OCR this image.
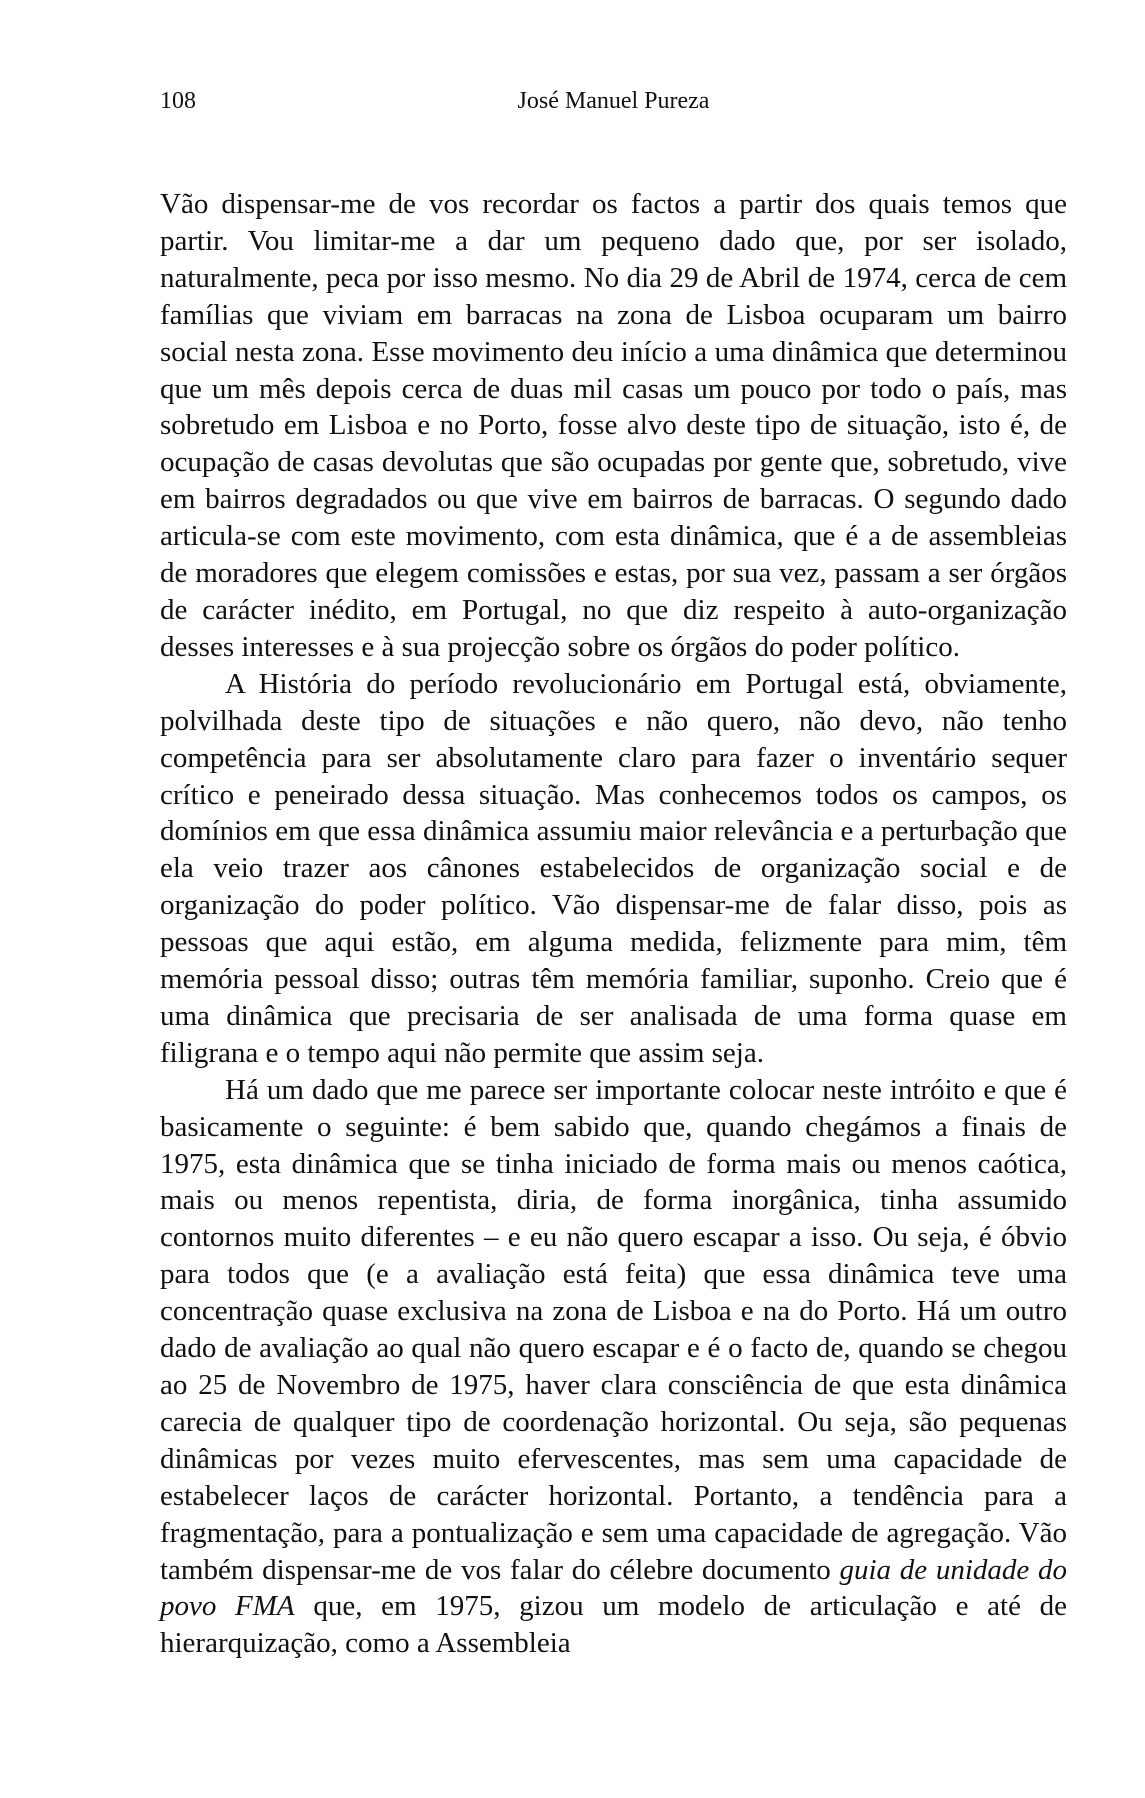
108	José Manuel Pureza

Vão dispensar-me de vos recordar os factos a partir dos quais temos que partir. Vou limitar-me a dar um pequeno dado que, por ser isolado, naturalmente, peca por isso mesmo. No dia 29 de Abril de 1974, cerca de cem famílias que viviam em barracas na zona de Lisboa ocuparam um bairro social nesta zona. Esse movimento deu início a uma dinâmica que determinou que um mês depois cerca de duas mil casas um pouco por todo o país, mas sobretudo em Lisboa e no Porto, fosse alvo deste tipo de situação, isto é, de ocupação de casas devolutas que são ocupadas por gente que, sobretudo, vive em bairros degradados ou que vive em bairros de barracas. O segundo dado articula-se com este movimento, com esta dinâmica, que é a de assembleias de moradores que elegem comissões e estas, por sua vez, passam a ser órgãos de carácter inédito, em Portugal, no que diz respeito à auto-organização desses interesses e à sua projecção sobre os órgãos do poder político.

A História do período revolucionário em Portugal está, obviamente, polvilhada deste tipo de situações e não quero, não devo, não tenho competência para ser absolutamente claro para fazer o inventário sequer crítico e peneirado dessa situação. Mas conhecemos todos os campos, os domínios em que essa dinâmica assumiu maior relevância e a perturbação que ela veio trazer aos cânones estabelecidos de organização social e de organização do poder político. Vão dispensar-me de falar disso, pois as pessoas que aqui estão, em alguma medida, felizmente para mim, têm memória pessoal disso; outras têm memória familiar, suponho. Creio que é uma dinâmica que precisaria de ser analisada de uma forma quase em filigrana e o tempo aqui não permite que assim seja.

Há um dado que me parece ser importante colocar neste intróito e que é basicamente o seguinte: é bem sabido que, quando chegámos a finais de 1975, esta dinâmica que se tinha iniciado de forma mais ou menos caótica, mais ou menos repentista, diria, de forma inorgânica, tinha assumido contornos muito diferentes – e eu não quero escapar a isso. Ou seja, é óbvio para todos que (e a avaliação está feita) que essa dinâmica teve uma concentração quase exclusiva na zona de Lisboa e na do Porto. Há um outro dado de avaliação ao qual não quero escapar e é o facto de, quando se chegou ao 25 de Novembro de 1975, haver clara consciência de que esta dinâmica carecia de qualquer tipo de coordenação horizontal. Ou seja, são pequenas dinâmicas por vezes muito efervescentes, mas sem uma capacidade de estabelecer laços de carácter horizontal. Portanto, a tendência para a fragmentação, para a pontualização e sem uma capacidade de agregação. Vão também dispensar-me de vos falar do célebre documento guia de unidade do povo FMA que, em 1975, gizou um modelo de articulação e até de hierarquização, como a Assembleia
